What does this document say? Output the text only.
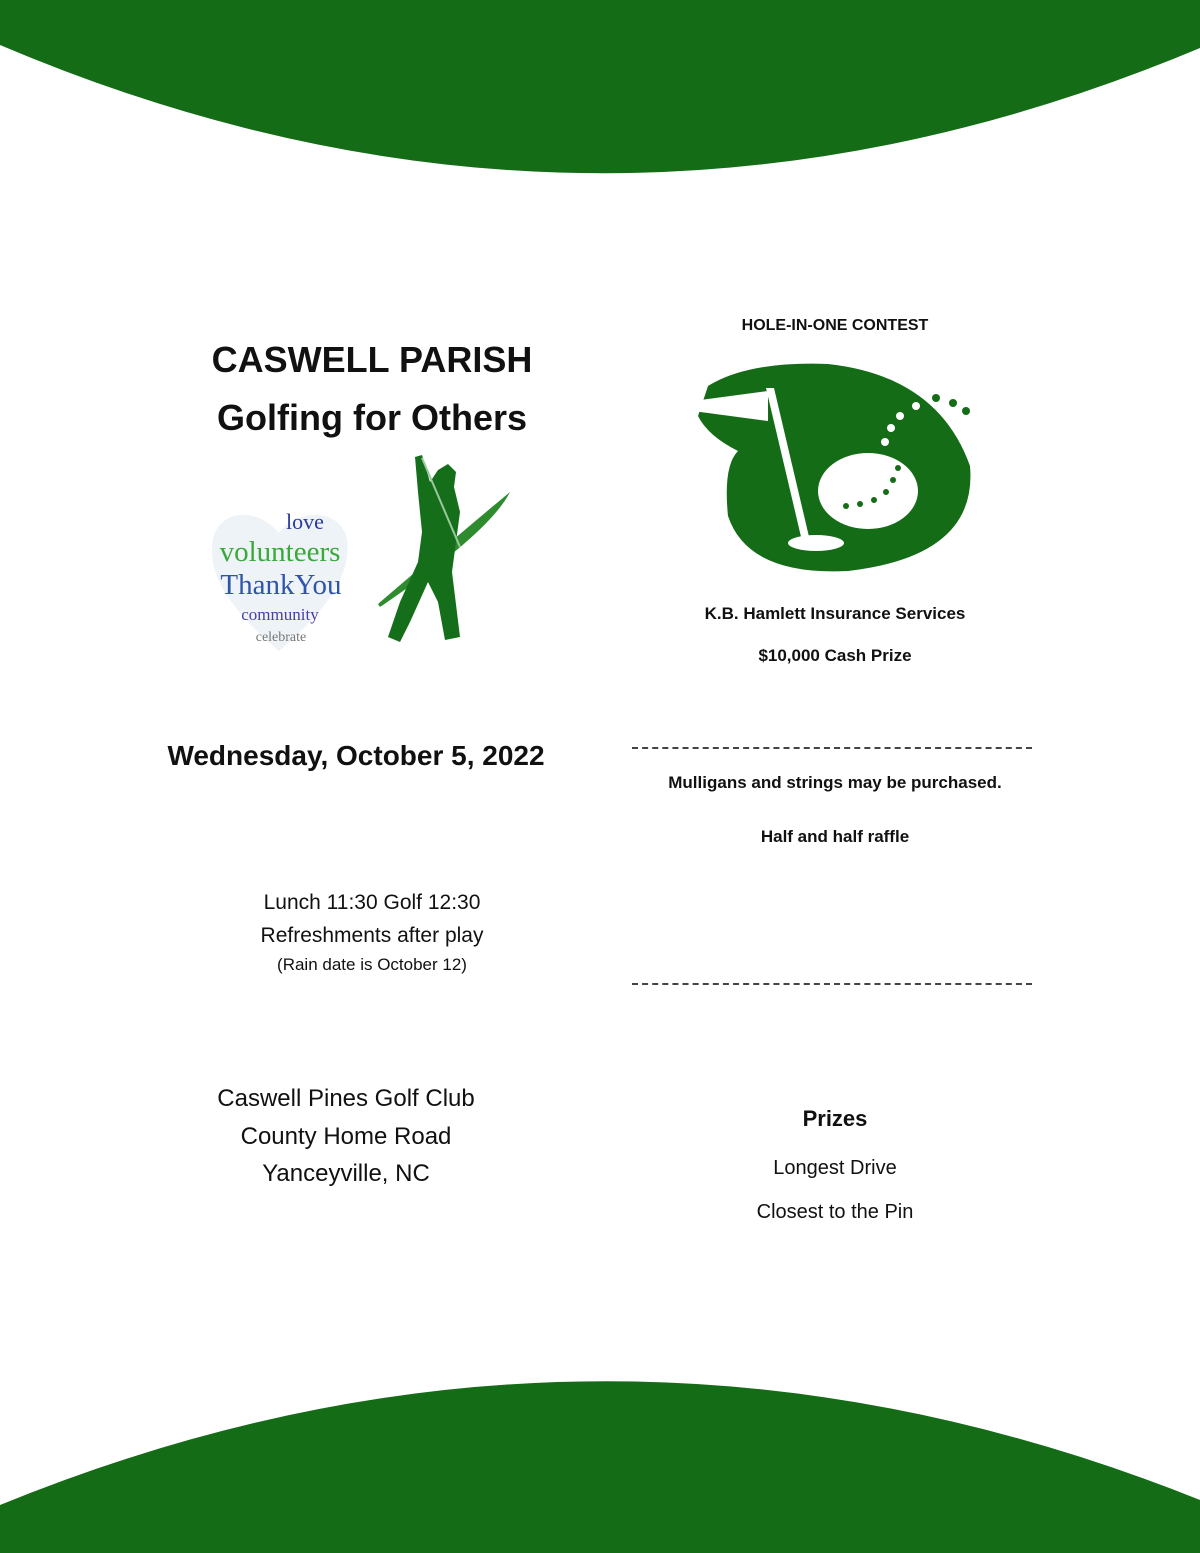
CASWELL PARISH
Golfing for Others
love
volunteers
ThankYou
community
celebrate
Wednesday, October 5, 2022
Lunch 11:30 Golf 12:30
Refreshments after play
(Rain date is October 12)
Caswell Pines Golf Club
County Home Road
Yanceyville, NC
HOLE-IN-ONE CONTEST
K.B. Hamlett Insurance Services
$10,000 Cash Prize
Mulligans and strings may be purchased.
Half and half raffle
Prizes
Longest Drive
Closest to the Pin
